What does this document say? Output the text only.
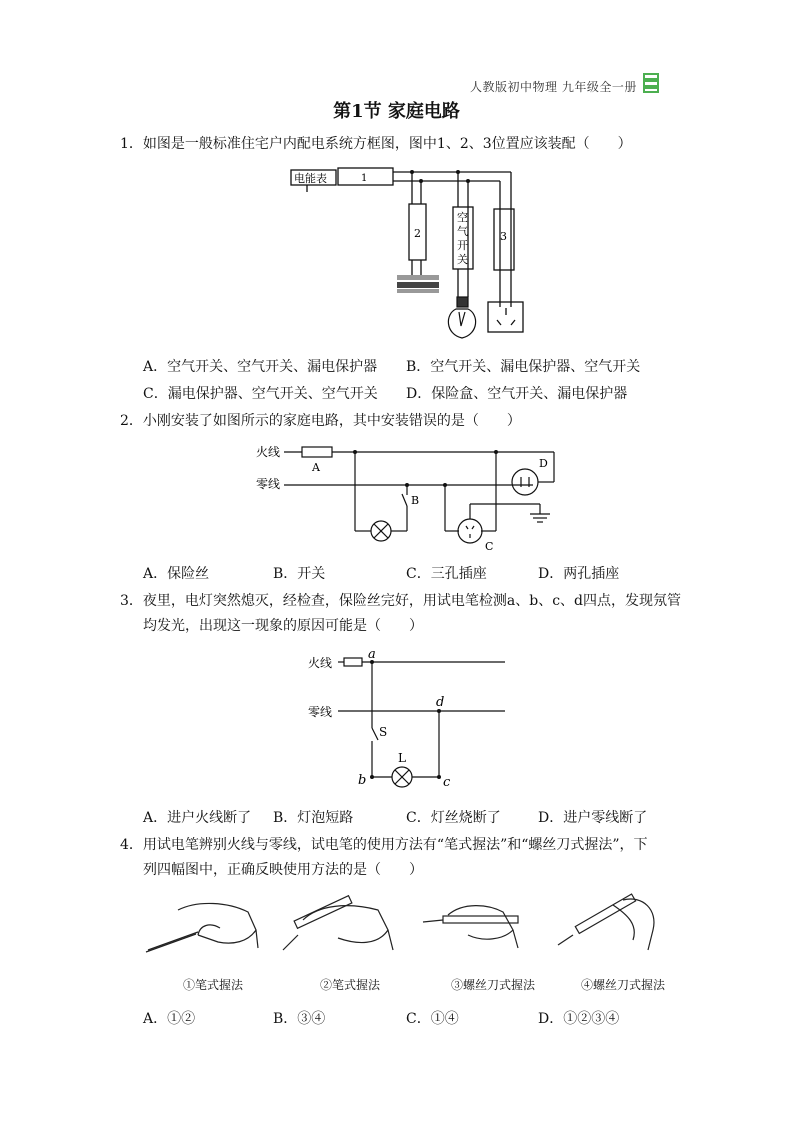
人教版初中物理 九年级全一册
第1节 家庭电路
1．如图是一般标准住宅户内配电系统方框图，图中1、2、3位置应该装配（　　）
电能表	1
2	3
空
气
开
关
A．空气开关、空气开关、漏电保护器 B．空气开关、漏电保护器、空气开关
C．漏电保护器、空气开关、空气开关 D．保险盒、空气开关、漏电保护器
2．小刚安装了如图所示的家庭电路，其中安装错误的是（　　）
火线
零线
A
B
C
D
A．保险丝	B．开关	C．三孔插座	D．两孔插座
3．夜里，电灯突然熄灭，经检查，保险丝完好，用试电笔检测a、b、c、d四点，发现氖管
均发光，出现这一现象的原因可能是（　　）
火线
零线
a
d
b	c
S
L
A．进户火线断了 B．灯泡短路	C．灯丝烧断了	D．进户零线断了
4．用试电笔辨别火线与零线，试电笔的使用方法有“笔式握法”和“螺丝刀式握法”，下
列四幅图中，正确反映使用方法的是（　　）
①笔式握法	②笔式握法	③螺丝刀式握法	④螺丝刀式握法
A．①②	B．③④	C．①④	D．①②③④
